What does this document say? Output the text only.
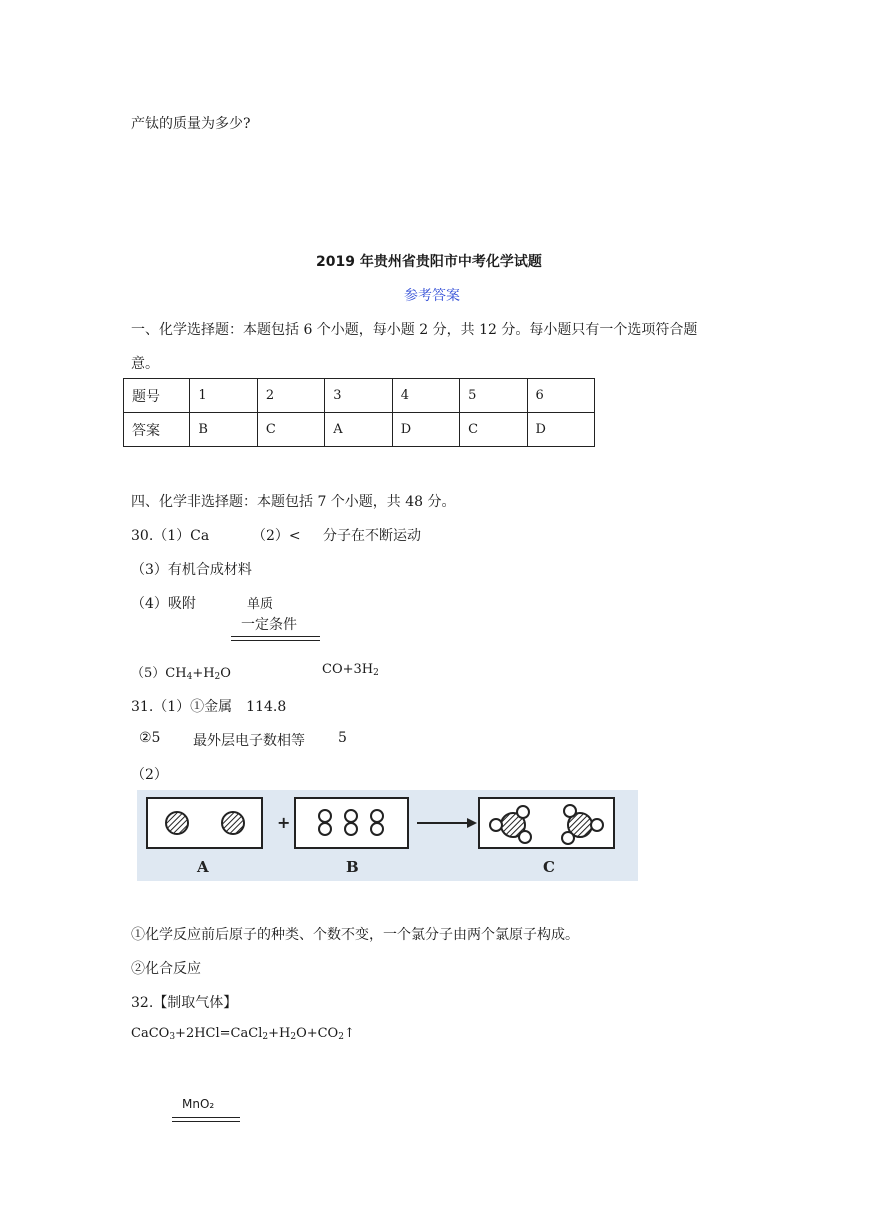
产钛的质量为多少?
2019 年贵州省贵阳市中考化学试题
参考答案
一、化学选择题：本题包括 6 个小题，每小题 2 分，共 12 分。每小题只有一个选项符合题
意。
题号	1	2	3	4	5	6
答案	B	C	A	D	C	D
四、化学非选择题：本题包括 7 个小题，共 48 分。
30.（1）Ca	（2）< 分子在不断运动
（3）有机合成材料
（4）吸附	单质
一定条件
$(5)CH_4+H_2O$	$CO+3H_2$
31.（1）①金属　114.8
②5 最外层电子数相等 5
（2）
+
A	B	C
①化学反应前后原子的种类、个数不变，一个氯分子由两个氯原子构成。
②化合反应
32.【制取气体】
$CaCO_3+2HCl=CaCl_2+H_2O+CO_2↑$
MnO₂
